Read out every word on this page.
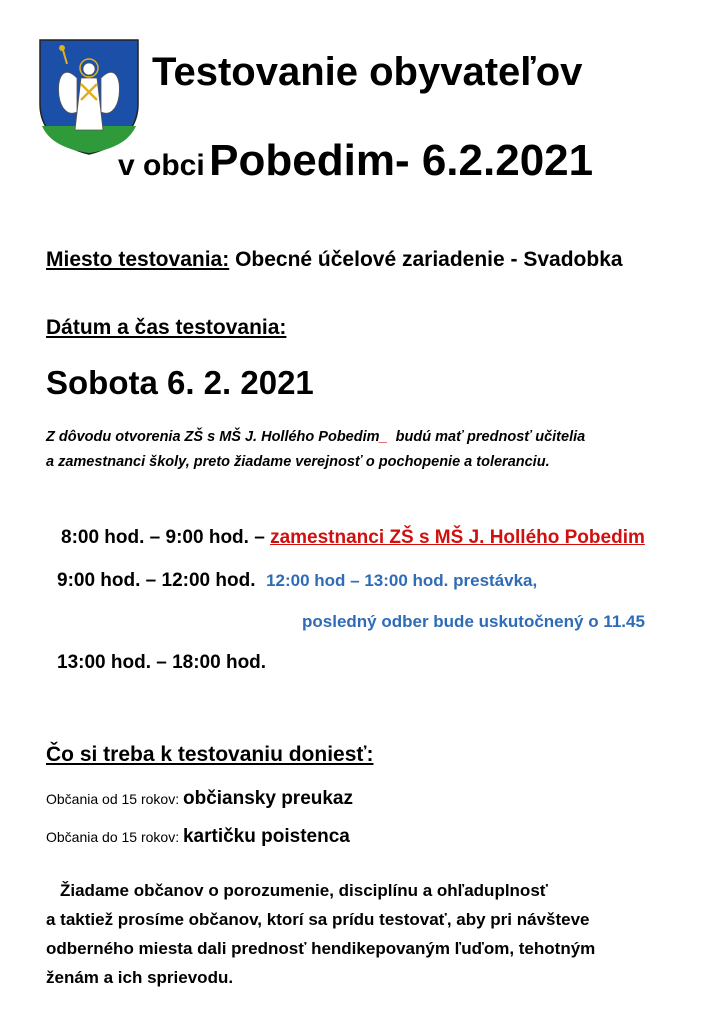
Testovanie obyvateľov
v obci Pobedim- 6.2.2021
Miesto testovania: Obecné účelové zariadenie - Svadobka
Dátum a čas testovania:
Sobota 6. 2. 2021
Z dôvodu otvorenia ZŠ s MŠ J. Hollého Pobedim_ budú mať prednosť učitelia
a zamestnanci školy, preto žiadame verejnosť o pochopenie a toleranciu.
8:00 hod. – 9:00 hod. – zamestnanci ZŠ s MŠ J. Hollého Pobedim
9:00 hod. – 12:00 hod. 12:00 hod – 13:00 hod. prestávka,
posledný odber bude uskutočnený o 11.45
13:00 hod. – 18:00 hod.
Čo si treba k testovaniu doniesť:
Občania od 15 rokov: občiansky preukaz
Občania do 15 rokov: kartičku poistenca

Žiadame občanov o porozumenie, disciplínu a ohľaduplnosť

a taktiež prosíme občanov, ktorí sa prídu testovať, aby pri návšteve

odberného miesta dali prednosť hendikepovaným ľuďom, tehotným

ženám a ich sprievodu.
